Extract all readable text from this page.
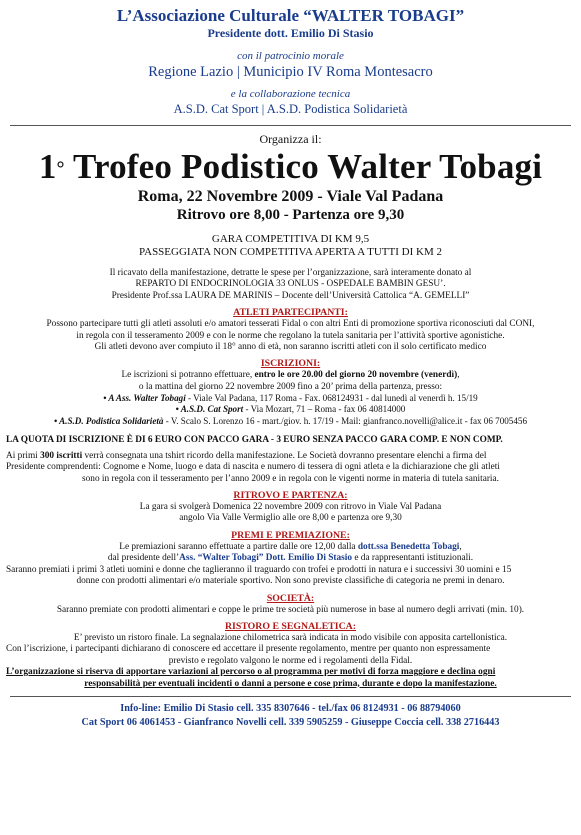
L’Associazione Culturale “WALTER TOBAGI”
Presidente dott. Emilio Di Stasio
con il patrocinio morale
Regione Lazio | Municipio IV Roma Montesacro
e la collaborazione tecnica
A.S.D. Cat Sport | A.S.D. Podistica Solidarietà
Organizza il:
1° Trofeo Podistico Walter Tobagi
Roma, 22 Novembre 2009 - Viale Val Padana
Ritrovo ore 8,00 - Partenza ore 9,30
GARA COMPETITIVA DI KM 9,5
PASSEGGIATA NON COMPETITIVA APERTA A TUTTI DI KM 2
Il ricavato della manifestazione, detratte le spese per l’organizzazione, sarà interamente donato al
REPARTO DI ENDOCRINOLOGIA 33 ONLUS - OSPEDALE BAMBIN GESU’.
Presidente Prof.ssa LAURA DE MARINIS – Docente dell’Università Cattolica “A. GEMELLI”
ATLETI PARTECIPANTI:
Possono partecipare tutti gli atleti assoluti e/o amatori tesserati Fidal o con altri Enti di promozione sportiva riconosciuti dal CONI,
in regola con il tesseramento 2009 e con le norme che regolano la tutela sanitaria per l’attività sportive agonistiche.
Gli atleti devono aver compiuto il 18° anno di età, non saranno iscritti atleti con il solo certificato medico
ISCRIZIONI:
Le iscrizioni si potranno effettuare, entro le ore 20.00 del giorno 20 novembre (venerdì),
o la mattina del giorno 22 novembre 2009 fino a 20’ prima della partenza, presso:
• A Ass. Walter Tobagi - Viale Val Padana, 117 Roma - Fax. 068124931 - dal lunedì al venerdì h. 15/19
• A.S.D. Cat Sport - Via Mozart, 71 – Roma - fax 06 40814000
• A.S.D. Podistica Solidarietà - V. Scalo S. Lorenzo 16 - mart./giov. h. 17/19 - Mail: gianfranco.novelli@alice.it - fax 06 7005456
LA QUOTA DI ISCRIZIONE È DI 6 EURO CON PACCO GARA - 3 EURO SENZA PACCO GARA COMP. E NON COMP.
Ai primi 300 iscritti verrà consegnata una tshirt ricordo della manifestazione. Le Società dovranno presentare elenchi a firma del
Presidente comprendenti: Cognome e Nome, luogo e data di nascita e numero di tessera di ogni atleta e la dichiarazione che gli atleti
sono in regola con il tesseramento per l’anno 2009 e in regola con le vigenti norme in materia di tutela sanitaria.
RITROVO E PARTENZA:
La gara si svolgerà Domenica 22 novembre 2009 con ritrovo in Viale Val Padana
angolo Via Valle Vermiglio alle ore 8,00 e partenza ore 9,30
PREMI E PREMIAZIONE:
Le premiazioni saranno effettuate a partire dalle ore 12,00 dalla dott.ssa Benedetta Tobagi,
dal presidente dell’Ass. “Walter Tobagi” Dott. Emilio Di Stasio e da rappresentanti istituzionali.
Saranno premiati i primi 3 atleti uomini e donne che taglieranno il traguardo con trofei e prodotti in natura e i successivi 30 uomini e 15
donne con prodotti alimentari e/o materiale sportivo. Non sono previste classifiche di categoria ne premi in denaro.
SOCIETÀ:
Saranno premiate con prodotti alimentari e coppe le prime tre società più numerose in base al numero degli arrivati (min. 10).
RISTORO E SEGNALETICA:
E’ previsto un ristoro finale. La segnalazione chilometrica sarà indicata in modo visibile con apposita cartellonistica.
Con l’iscrizione, i partecipanti dichiarano di conoscere ed accettare il presente regolamento, mentre per quanto non espressamente
previsto e regolato valgono le norme ed i regolamenti della Fidal.
L’organizzazione si riserva di apportare variazioni al percorso o al programma per motivi di forza maggiore e declina ogni
responsabilità per eventuali incidenti o danni a persone e cose prima, durante e dopo la manifestazione.
Info-line: Emilio Di Stasio cell. 335 8307646 - tel./fax 06 8124931 - 06 88794060
Cat Sport 06 4061453 - Gianfranco Novelli cell. 339 5905259 - Giuseppe Coccia cell. 338 2716443
